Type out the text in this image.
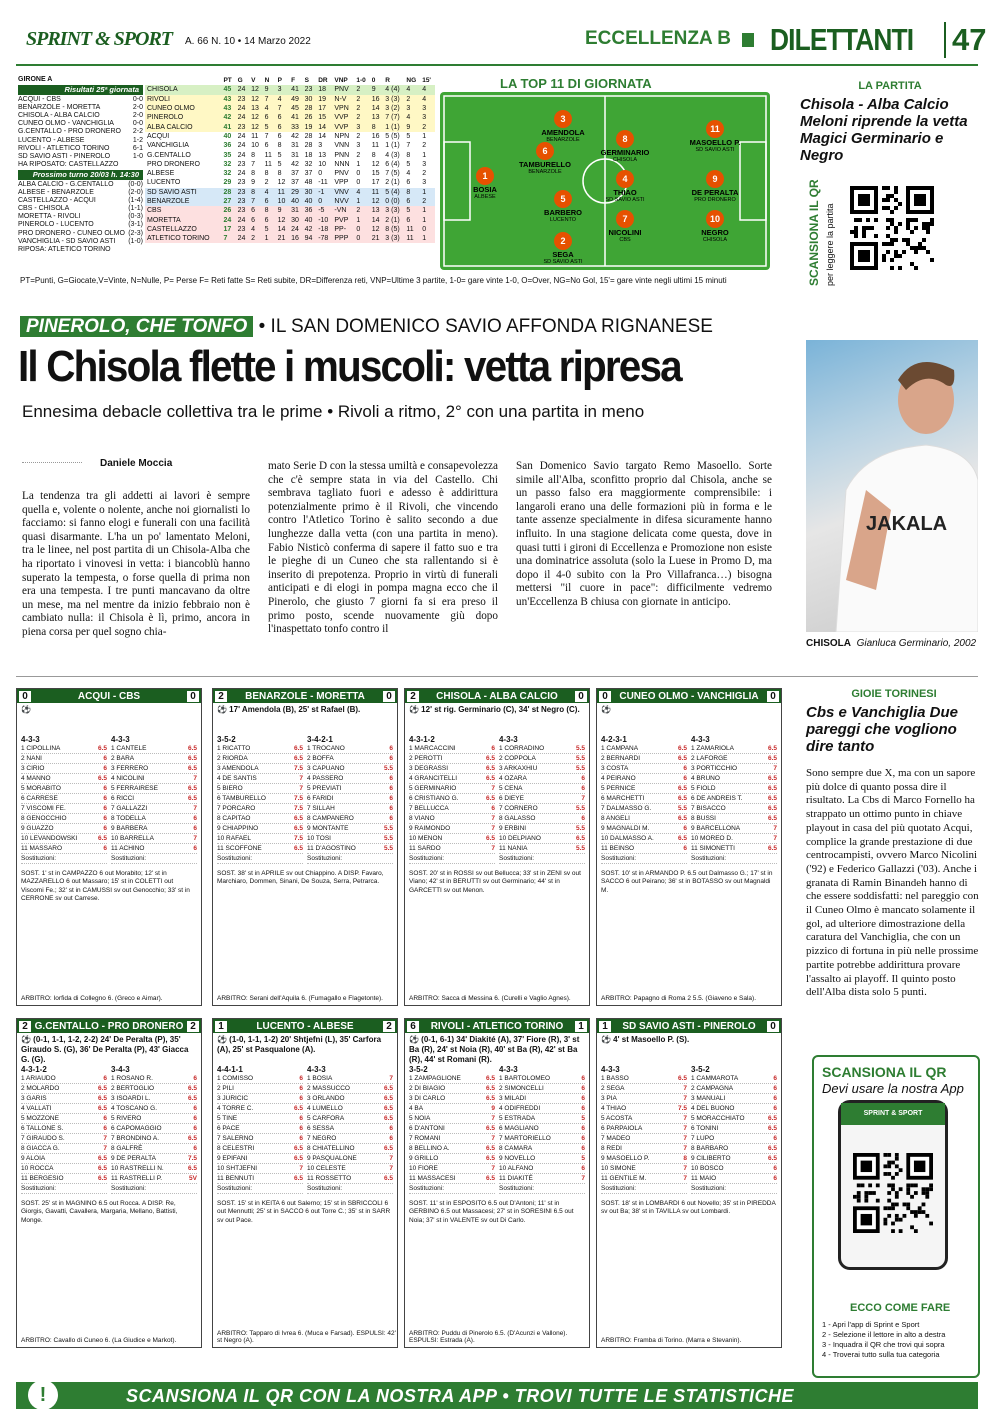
SPRINT & SPORT A. 66 N. 10 • 14 Marzo 2022	ECCELLENZA B DILETTANTI 47
GIRONE A
Risultati 25ª giornata
ACQUI - CBS	0-0
BENARZOLE - MORETTA	2-0
CHISOLA - ALBA CALCIO	2-0
CUNEO OLMO - VANCHIGLIA	0-0
G.CENTALLO - PRO DRONERO 2-2
LUCENTO - ALBESE	1-2
RIVOLI - ATLETICO TORINO	6-1
SD SAVIO ASTI - PINEROLO	1-0
HA RIPOSATO: CASTELLAZZO
Prossimo turno 20/03 h. 14:30
ALBA CALCIO - G.CENTALLO (0-0)
ALBESE - BENARZOLE	(2-0)
CASTELLAZZO - ACQUI	(1-4)
CBS - CHISOLA	(1-1)
MORETTA - RIVOLI	(0-3)
PINEROLO - LUCENTO	(3-1)
PRO DRONERO - CUNEO OLMO (2-3)
VANCHIGLIA - SD SAVIO ASTI (1-0)
RIPOSA: ATLETICO TORINO
	PT	G	V	N	P	F	S	DR	VNP	1-0	0	R	NG	15'
CHISOLA	45	24	12	9	3	41	23	18	PNV	2	9	4 (4)	4	4
RIVOLI	43	23	12	7	4	49	30	19	N-V	2	16	3 (3)	2	4
CUNEO OLMO	43	24	13	4	7	45	28	17	VPN	2	14	3 (2)	3	3
PINEROLO	42	24	12	6	6	41	26	15	VVP	2	13	7 (7)	4	3
ALBA CALCIO	41	23	12	5	6	33	19	14	VVP	3	8	1 (1)	9	2
ACQUI	40	24	11	7	6	42	28	14	NPN	2	16	5 (5)	5	1
VANCHIGLIA	36	24	10	6	8	31	28	3	VNN	3	11	1 (1)	7	2
G.CENTALLO	35	24	8	11	5	31	18	13	PNN	2	8	4 (3)	8	1
PRO DRONERO	32	23	7	11	5	42	32	10	NNN	1	12	6 (4)	5	3
ALBESE	32	24	8	8	8	37	37	0	PNV	0	15	7 (5)	4	2
LUCENTO	29	23	9	2	12	37	48	-11	VPP	0	17	2 (1)	6	3
SD SAVIO ASTI	28	23	8	4	11	29	30	-1	VNV	4	11	5 (4)	8	1
BENARZOLE	27	23	7	6	10	40	40	0	NVV	1	12	0 (0)	6	2
CBS	26	23	6	8	9	31	36	-5	-VN	2	13	3 (3)	5	1
MORETTA	24	24	6	6	12	30	40	-10	PVP	1	14	2 (1)	6	1
CASTELLAZZO	17	23	4	5	14	24	42	-18	PP-	0	12	8 (5)	11	0
ATLETICO TORINO	7	24	2	1	21	16	94	-78	PPP	0	21	3 (3)	11	1
PT=Punti, G=Giocate,V=Vinte, N=Nulle, P= Perse F= Reti fatte S= Reti subite, DR=Differenza reti, VNP=Ultime 3 partite, 1-0= gare vinte 1-0, O=Over, NG=No Gol, 15'= gare vinte negli ultimi 15 minuti
LA TOP 11 DI GIORNATA
1
BOSIA
ALBESE
3
AMENDOLA
BENARZOLE
6
TAMBURELLO
BENARZOLE
5
BARBERO
LUCENTO
2
SEGA
SD SAVIO ASTI
8
GERMINARIO
CHISOLA
4
THIAO
SD SAVIO ASTI
7
NICOLINI
CBS
11
MASOELLO P.
SD SAVIO ASTI
9
DE PERALTA
PRO DRONERO
10
NEGRO
CHISOLA
LA PARTITA
Chisola - Alba Calcio Meloni riprende la vetta Magici Germinario e Negro
SCANSIONA IL QR per leggere la partita
PINEROLO, CHE TONFO • IL SAN DOMENICO SAVIO AFFONDA RIGNANESE
Il Chisola flette i muscoli: vetta ripresa
Ennesima debacle collettiva tra le prime • Rivoli a ritmo, 2° con una partita in meno
Daniele Moccia
La tendenza tra gli addetti ai lavori è sempre quella e, volente o nolente, anche noi giornalisti lo facciamo: si fanno elogi e funerali con una facilità quasi disarmante. L'ha un po' lamentato Meloni, tra le linee, nel post partita di un Chisola-Alba che ha riportato i vinovesi in vetta: i biancoblù hanno superato la tempesta, o forse quella di prima non era una tempesta. I tre punti mancavano da oltre un mese, ma nel mentre da inizio febbraio non è cambiato nulla: il Chisola è lì, primo, ancora in piena corsa per quel sogno chia-
mato Serie D con la stessa umiltà e consapevolezza che c'è sempre stata in via del Castello. Chi sembrava tagliato fuori e adesso è addirittura potenzialmente primo è il Rivoli, che vincendo contro l'Atletico Torino è salito secondo a due lunghezze dalla vetta (con una partita in meno). Fabio Nisticò conferma di sapere il fatto suo e tra le pieghe di un Cuneo che sta rallentando si è inserito di prepotenza. Proprio in virtù di funerali anticipati e di elogi in pompa magna ecco che il Pinerolo, che giusto 7 giorni fa si era preso il primo posto, scende nuovamente giù dopo l'inaspettato tonfo contro il
San Domenico Savio targato Remo Masoello. Sorte simile all'Alba, sconfitto proprio dal Chisola, anche se un passo falso era maggiormente comprensibile: i langaroli erano una delle formazioni più in forma e le tante assenze specialmente in difesa sicuramente hanno influito. In una stagione delicata come questa, dove in quasi tutti i gironi di Eccellenza e Promozione non esiste una dominatrice assoluta (solo la Luese in Promo D, ma dopo il 4-0 subito con la Pro Villafranca…) bisogna mettersi "il cuore in pace": difficilmente vedremo un'Eccellenza B chiusa con giornate in anticipo.
JAKALA
CHISOLA Gianluca Germinario, 2002
0	ACQUI - CBS	0
⚽
4-3-3
1 CIPOLLINA	6.5
2 NANI	6
3 CIRIO	6
4 MANNO	6.5
5 MORABITO	6
6 CARRESE	6
7 VISCOMI FE.	6
8 GENOCCHIO	6
9 GUAZZO	6
10 LEVANDOWSKI	6.5
11 MASSARO	6
Sostituzioni:
4-3-3
1 CANTELE	6.5
2 BARA	6.5
3 FERRERO	6.5
4 NICOLINI	7
5 FERRAIRESE	6.5
6 RICCI	6.5
7 GALLAZZI	7
8 TODELLA	6
9 BARBERA	6
10 BARRELLA	7
11 ACHINO	6
Sostituzioni:
SOST. 1' st in CAMPAZZO 6 out Morabito; 12' st in MAZZARELLO 6 out Massaro; 15' st in COLETTI out Viscomi Fe.; 32' st in CAMUSSI sv out Genocchio; 33' st in CERRONE sv out Carrese.
ARBITRO: Iorfida di Collegno 6. (Greco e Aimar).
2	BENARZOLE - MORETTA	0
⚽ 17' Amendola (B), 25' st Rafael (B).
3-5-2
1 RICATTO	6.5
2 RIORDA	6.5
3 AMENDOLA	7.5
4 DE SANTIS	7
5 BIERO	7
6 TAMBURELLO	7.5
7 PORCARO	7.5
8 CAPITAO	6.5
9 CHIAPPINO	6.5
10 RAFAEL	7.5
11 SCOFFONE	6.5
Sostituzioni:
3-4-2-1
1 TROCANO	6
2 BOFFA	6
3 CAPUANO	5.5
4 PASSERO	6
5 PREVIATI	6
6 FARIDI	6
7 SILLAH	6
8 CAMPANERO	6
9 MONTANTE	5.5
10 TOSI	5.5
11 D'AGOSTINO	5.5
Sostituzioni:
SOST. 38' st in APRILE sv out Chiappino. A DISP. Favaro, Marchiaro, Dommen, Sinani, De Souza, Serra, Petrarca.
ARBITRO: Serani dell'Aquila 6. (Fumagallo e Flagetonte).
2	CHISOLA - ALBA CALCIO	0
⚽ 12' st rig. Germinario (C), 34' st Negro (C).
4-3-1-2
1 MARCACCINI	6
2 PEROTTI	6.5
3 DEGRASSI	6.5
4 GRANCITELLI	6.5
5 GERMINARIO	7
6 CRISTIANO G.	6.5
7 BELLUCCA	6
8 VIANO	7
9 RAIMONDO	7
10 MENON	6.5
11 SARDO	7
Sostituzioni:
4-3-3
1 CORRADINO	5.5
2 COPPOLA	5.5
3 ARKAXHIU	5.5
4 OZARA	6
5 CENA	6
6 DIEYE	7
7 CORNERO	5.5
8 GALASSO	6
9 ERBINI	5.5
10 DELPIANO	6.5
11 NANIA	5.5
Sostituzioni:
SOST. 20' st in ROSSI sv out Bellucca; 33' st in ZENI sv out Viano; 42' st in BERUTTI sv out Germinario; 44' st in GARCETTI sv out Menon.
ARBITRO: Sacca di Messina 6. (Curelli e Vaglio Agnes).
0	CUNEO OLMO - VANCHIGLIA	0
⚽
4-2-3-1
1 CAMPANA	6.5
2 BERNARDI	6.5
3 COSTA	6
4 PEIRANO	6
5 PERNICE	6.5
6 MARCHETTI	6.5
7 DALMASSO G.	5.5
8 ANGELI	6.5
9 MAGNALDI M.	6
10 DALMASSO A.	6.5
11 BEINSO	6
Sostituzioni:
4-3-3
1 ZAMARIOLA	6.5
2 LAFORGE	6.5
3 PORTICCHIO	7
4 BRUNO	6.5
5 FIOLD	6.5
6 DE ANDREIS T.	6.5
7 BISACCO	6.5
8 BUSSI	6.5
9 BARCELLONA	7
10 MOREO D.	7
11 SIMONETTI	6.5
Sostituzioni:
SOST. 10' st in ARMANDO P. 6.5 out Dalmasso G.; 17' st in SACCO 6 out Peirano; 36' st in BOTASSO sv out Magnaldi M.
ARBITRO: Papagno di Roma 2 5.5. (Giaveno e Sala).
2 G.CENTALLO - PRO DRONERO 2
⚽ (0-1, 1-1, 1-2, 2-2) 24' De Peralta (P), 35' Giraudo S. (G), 36' De Peralta (P), 43' Giacca G. (G).
4-3-1-2
1 ARIAUDO	6
2 MOLARDO	6.5
3 GARIS	6.5
4 VALLATI	6.5
5 MOZZONE	6
6 TALLONE S.	6
7 GIRAUDO S.	7
8 GIACCA G.	7
9 ALOIA	6.5
10 ROCCA	6.5
11 BERGESIO	6.5
Sostituzioni:
3-4-3
1 ROSANO R.	6
2 BERTOGLIO	6.5
3 ISOARDI L.	6.5
4 TOSCANO G.	6
5 RIVERO	6
6 CAPOMAGGIO	6
7 BRONDINO A.	6.5
8 GALFRÈ	6
9 DE PERALTA	7.5
10 RASTRELLI N.	6.5
11 RASTRELLI P.	5V
Sostituzioni:
SOST. 25' st in MAGNINO 6.5 out Rocca. A DISP. Re, Giorgis, Gavatti, Cavallera, Margaria, Mellano, Battisti, Monge.
ARBITRO: Cavallo di Cuneo 6. (La Giudice e Markot).
1	LUCENTO - ALBESE	2
⚽ (1-0, 1-1, 1-2) 20' Shtjefni (L), 35' Carfora (A), 25' st Pasqualone (A).
4-4-1-1
1 COMISSO	6
2 PILI	6
3 JURICIC	6
4 TORRE C.	6.5
5 TINE	6
6 PACE	6
7 SALERNO	6
8 CELESTRI	6.5
9 EPIFANI	6.5
10 SHTJEFNI	7
11 BENNUTI	6.5
Sostituzioni:
4-3-3
1 BOSIA	7
2 MASSUCCO	6.5
3 ORLANDO	6.5
4 LUMELLO	6.5
5 CARFORA	6.5
6 SESSA	6
7 NEGRO	6
8 CHIATELLINO	6.5
9 PASQUALONE	7
10 CELESTE	7
11 ROSSETTO	6.5
Sostituzioni:
SOST. 15' st in KEITA 6 out Salerno; 15' st in SBRICCOLI 6 out Mennutti; 25' st in SACCO 6 out Torre C.; 35' st in SARR sv out Pace.
ARBITRO: Tapparo di Ivrea 6. (Muca e Farsad). ESPULSI: 42' st Negro (A).
6	RIVOLI - ATLETICO TORINO	1
⚽ (0-1, 6-1) 34' Diakité (A), 37' Fiore (R), 3' st Ba (R), 24' st Noia (R), 40' st Ba (R), 42' st Ba (R), 44' st Romani (R).
3-5-2
1 ZAMPAGLIONE	6.5
2 DI BIAGIO	6.5
3 DI CARLO	6.5
4 BA	9
5 NOIA	7
6 D'ANTONI	6.5
7 ROMANI	7
8 BELLINO A.	6.5
9 GRILLO	6.5
10 FIORE	7
11 MASSACESI	6.5
Sostituzioni:
4-3-3
1 BARTOLOMEO	6
2 SIMONCELLI	6
3 MILADI	6
4 ODIFREDDI	6
5 ESTRADA	5
6 MAGLIANO	6
7 MARTORIELLO	6
8 CAMARA	6
9 NOVELLO	5
10 ALFANO	6
11 DIAKITÉ	7
Sostituzioni:
SOST. 11' st in ESPOSITO 6.5 out D'Antoni; 11' st in GERBINO 6.5 out Massacesi; 27' st in SORESINI 6.5 out Noia; 37' st in VALENTE sv out Di Carlo.
ARBITRO: Puddu di Pinerolo 6.5. (D'Acunzi e Vallone). ESPULSI: Estrada (A).
1	SD SAVIO ASTI - PINEROLO	0
⚽ 4' st Masoello P. (S).
4-3-3
1 BASSO	6.5
2 SEGA	7
3 PIA	7
4 THIAO	7.5
5 ACOSTA	7
6 PARPAIOLA	7
7 MADEO	7
8 REDI	7
9 MASOELLO P.	8
10 SIMONE	7
11 GENTILE M.	7
Sostituzioni:
3-5-2
1 CAMMAROTA	6
2 CAMPAGNA	6
3 MANUALI	6
4 DEL BUONO	6
5 MORACCHIATO	6.5
6 TONINI	6.5
7 LUPO	6
8 BARBARO	6.5
9 CILIBERTO	6.5
10 BOSCO	6
11 MAIO	6
Sostituzioni:
SOST. 18' st in LOMBARDI 6 out Novello; 35' st in PIREDDA sv out Ba; 38' st in TAVILLA sv out Lombardi.
ARBITRO: Framba di Torino. (Marra e Stevanin).
GIOIE TORINESI
Cbs e Vanchiglia Due pareggi che vogliono dire tanto
Sono sempre due X, ma con un sapore più dolce di quanto possa dire il risultato. La Cbs di Marco Fornello ha strappato un ottimo punto in chiave playout in casa del più quotato Acqui, complice la grande prestazione di due centrocampisti, ovvero Marco Nicolini ('92) e Federico Gallazzi ('03). Anche i granata di Ramin Binandeh hanno di che essere soddisfatti: nel pareggio con il Cuneo Olmo è mancato solamente il gol, ad ulteriore dimostrazione della caratura del Vanchiglia, che con un pizzico di fortuna in più nelle prossime partite potrebbe addirittura provare l'assalto ai playoff. Il quinto posto dell'Alba dista solo 5 punti.
SCANSIONA IL QR
Devi usare la nostra App
SPRINT & SPORT
ECCO COME FARE
1 - Apri l'app di Sprint e Sport
2 - Selezione il lettore in alto a destra
3 - Inquadra il QR che trovi qui sopra
4 - Troverai tutto sulla tua categoria
!	SCANSIONA IL QR CON LA NOSTRA APP • TROVI TUTTE LE STATISTICHE
